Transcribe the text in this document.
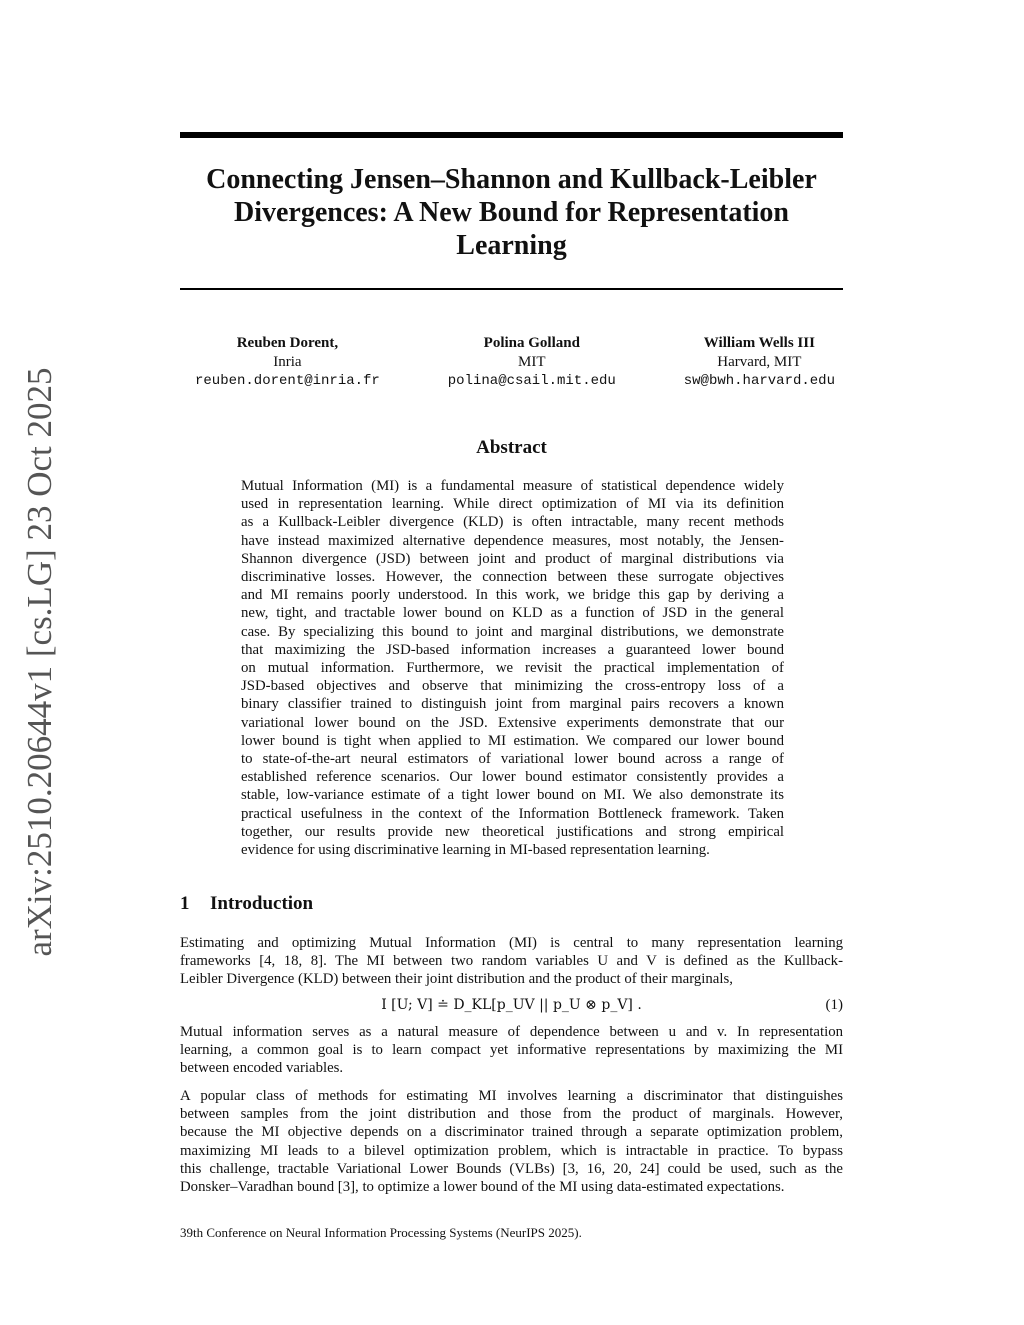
arXiv:2510.20644v1 [cs.LG] 23 Oct 2025
Connecting Jensen–Shannon and Kullback-Leibler
Divergences: A New Bound for Representation
Learning
Reuben Dorent,
Inria
reuben.dorent@inria.fr
Polina Golland
MIT
polina@csail.mit.edu
William Wells III
Harvard, MIT
sw@bwh.harvard.edu
Abstract
Mutual Information (MI) is a fundamental measure of statistical dependence widely
used in representation learning. While direct optimization of MI via its definition
as a Kullback-Leibler divergence (KLD) is often intractable, many recent methods
have instead maximized alternative dependence measures, most notably, the Jensen-
Shannon divergence (JSD) between joint and product of marginal distributions via
discriminative losses. However, the connection between these surrogate objectives
and MI remains poorly understood. In this work, we bridge this gap by deriving a
new, tight, and tractable lower bound on KLD as a function of JSD in the general
case. By specializing this bound to joint and marginal distributions, we demonstrate
that maximizing the JSD-based information increases a guaranteed lower bound
on mutual information. Furthermore, we revisit the practical implementation of
JSD-based objectives and observe that minimizing the cross-entropy loss of a
binary classifier trained to distinguish joint from marginal pairs recovers a known
variational lower bound on the JSD. Extensive experiments demonstrate that our
lower bound is tight when applied to MI estimation. We compared our lower bound
to state-of-the-art neural estimators of variational lower bound across a range of
established reference scenarios. Our lower bound estimator consistently provides a
stable, low-variance estimate of a tight lower bound on MI. We also demonstrate its
practical usefulness in the context of the Information Bottleneck framework. Taken
together, our results provide new theoretical justifications and strong empirical
evidence for using discriminative learning in MI-based representation learning.
1 Introduction
Estimating and optimizing Mutual Information (MI) is central to many representation learning
frameworks [4, 18, 8]. The MI between two random variables U and V is defined as the Kullback-
Leibler Divergence (KLD) between their joint distribution and the product of their marginals,
I [U; V] ≐ D_KL[p_UV || p_U ⊗ p_V] .	(1)
Mutual information serves as a natural measure of dependence between u and v. In representation
learning, a common goal is to learn compact yet informative representations by maximizing the MI
between encoded variables.
A popular class of methods for estimating MI involves learning a discriminator that distinguishes
between samples from the joint distribution and those from the product of marginals. However,
because the MI objective depends on a discriminator trained through a separate optimization problem,
maximizing MI leads to a bilevel optimization problem, which is intractable in practice. To bypass
this challenge, tractable Variational Lower Bounds (VLBs) [3, 16, 20, 24] could be used, such as the
Donsker–Varadhan bound [3], to optimize a lower bound of the MI using data-estimated expectations.
39th Conference on Neural Information Processing Systems (NeurIPS 2025).
